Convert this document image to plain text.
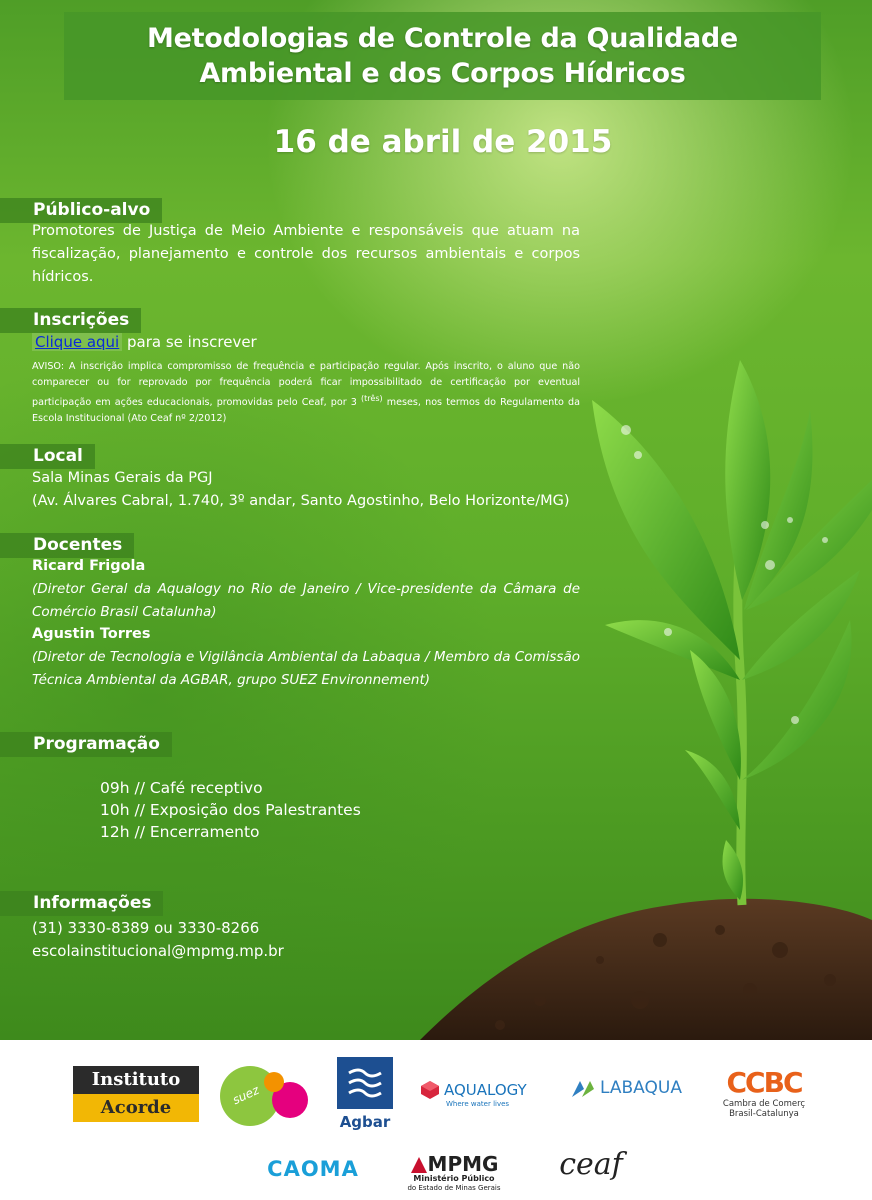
Metodologias de Controle da Qualidade
Ambiental e dos Corpos Hídricos
16 de abril de 2015
Público-alvo
Promotores de Justiça de Meio Ambiente e responsáveis que atuam na fiscalização, planejamento e controle dos recursos ambientais e corpos hídricos.
Inscrições
Clique aqui para se inscrever
AVISO: A inscrição implica compromisso de frequência e participação regular. Após inscrito, o aluno que não comparecer ou for reprovado por frequência poderá ficar impossibilitado de certificação por eventual participação em ações educacionais, promovidas pelo Ceaf, por 3 $^{(três)}$ meses, nos termos do Regulamento da Escola Institucional (Ato Ceaf nº 2/2012)
Local
Sala Minas Gerais da PGJ
(Av. Álvares Cabral, 1.740, 3º andar, Santo Agostinho, Belo Horizonte/MG)
Docentes
Ricard Frigola
(Diretor Geral da Aqualogy no Rio de Janeiro / Vice-presidente da Câmara de Comércio Brasil Catalunha)
Agustin Torres
(Diretor de Tecnologia e Vigilância Ambiental da Labaqua / Membro da Comissão Técnica Ambiental da AGBAR, grupo SUEZ Environnement)
Programação
09h // Café receptivo
10h // Exposição dos Palestrantes
12h // Encerramento
Informações
(31) 3330-8389 ou 3330-8266
escolainstitucional@mpmg.mp.br
Instituto
Acorde
suez
Agbar
AQUALOGY
Where water lives
LABAQUA CCBC
Cambra de Comerç
Brasil-Catalunya
CAOMA	MPMG
Ministério Público
do Estado de Minas Gerais
ceaf
